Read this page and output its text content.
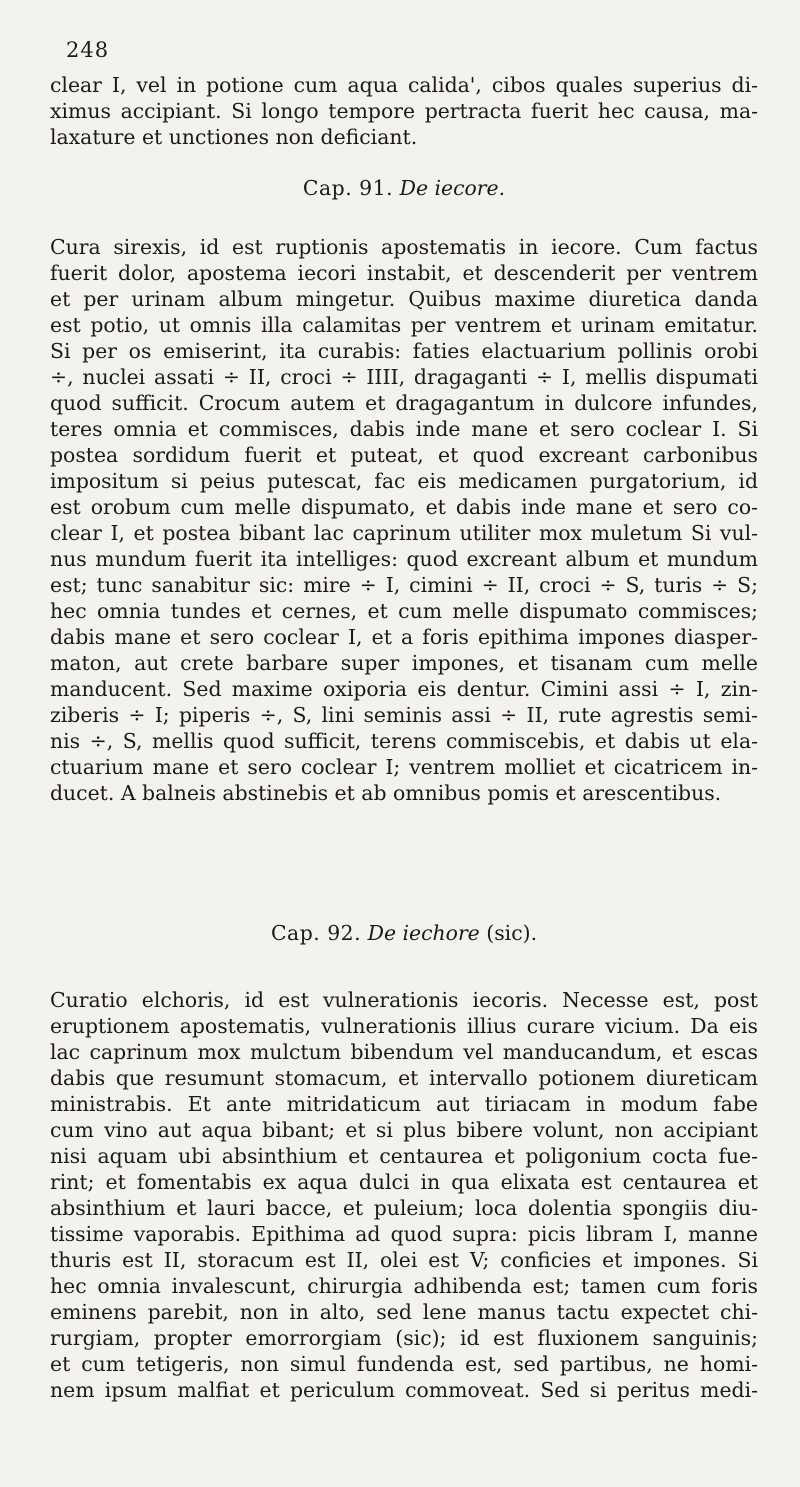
248
clear I, vel in potione cum aqua calida', cibos quales superius di-
ximus accipiant. Si longo tempore pertracta fuerit hec causa, ma-
laxature et unctiones non deficiant.
Cap. 91. De iecore.
Cura sirexis, id est ruptionis apostematis in iecore. Cum factus
fuerit dolor, apostema iecori instabit, et descenderit per ventrem
et per urinam album mingetur. Quibus maxime diuretica danda
est potio, ut omnis illa calamitas per ventrem et urinam emitatur.
Si per os emiserint, ita curabis: faties elactuarium pollinis orobi
÷, nuclei assati ÷ II, croci ÷ IIII, dragaganti ÷ I, mellis dispumati
quod sufficit. Crocum autem et dragagantum in dulcore infundes,
teres omnia et commisces, dabis inde mane et sero coclear I. Si
postea sordidum fuerit et puteat, et quod excreant carbonibus
impositum si peius putescat, fac eis medicamen purgatorium, id
est orobum cum melle dispumato, et dabis inde mane et sero co-
clear I, et postea bibant lac caprinum utiliter mox muletum Si vul-
nus mundum fuerit ita intelliges: quod excreant album et mundum
est; tunc sanabitur sic: mire ÷ I, cimini ÷ II, croci ÷ S, turis ÷ S;
hec omnia tundes et cernes, et cum melle dispumato commisces;
dabis mane et sero coclear I, et a foris epithima impones diasper-
maton, aut crete barbare super impones, et tisanam cum melle
manducent. Sed maxime oxiporia eis dentur. Cimini assi ÷ I, zin-
ziberis ÷ I; piperis ÷, S, lini seminis assi ÷ II, rute agrestis semi-
nis ÷, S, mellis quod sufficit, terens commiscebis, et dabis ut ela-
ctuarium mane et sero coclear I; ventrem molliet et cicatricem in-
ducet. A balneis abstinebis et ab omnibus pomis et arescentibus.
Cap. 92. De iechore (sic).
Curatio elchoris, id est vulnerationis iecoris. Necesse est, post
eruptionem apostematis, vulnerationis illius curare vicium. Da eis
lac caprinum mox mulctum bibendum vel manducandum, et escas
dabis que resumunt stomacum, et intervallo potionem diureticam
ministrabis. Et ante mitridaticum aut tiriacam in modum fabe
cum vino aut aqua bibant; et si plus bibere volunt, non accipiant
nisi aquam ubi absinthium et centaurea et poligonium cocta fue-
rint; et fomentabis ex aqua dulci in qua elixata est centaurea et
absinthium et lauri bacce, et puleium; loca dolentia spongiis diu-
tissime vaporabis. Epithima ad quod supra: picis libram I, manne
thuris est II, storacum est II, olei est V; conficies et impones. Si
hec omnia invalescunt, chirurgia adhibenda est; tamen cum foris
eminens parebit, non in alto, sed lene manus tactu expectet chi-
rurgiam, propter emorrorgiam (sic); id est fluxionem sanguinis;
et cum tetigeris, non simul fundenda est, sed partibus, ne homi-
nem ipsum malfiat et periculum commoveat. Sed si peritus medi-
